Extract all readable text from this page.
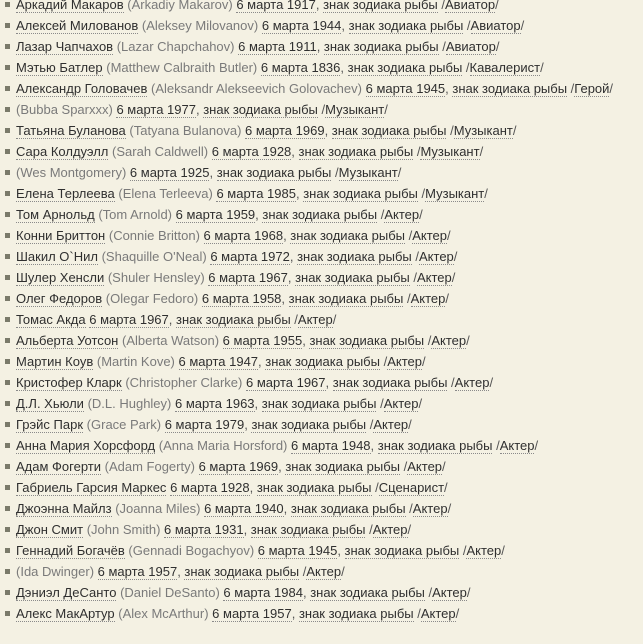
Аркадий Макаров (Arkadiy Makarov) 6 марта 1917, знак зодиака рыбы /Авиатор/
Алексей Милованов (Aleksey Milovanov) 6 марта 1944, знак зодиака рыбы /Авиатор/
Лазар Чапчахов (Lazar Chapchahov) 6 марта 1911, знак зодиака рыбы /Авиатор/
Мэтью Батлер (Matthew Calbraith Butler) 6 марта 1836, знак зодиака рыбы /Кавалерист/
Александр Головачев (Aleksandr Alekseevich Golovachev) 6 марта 1945, знак зодиака рыбы /Герой/
(Bubba Sparxxx) 6 марта 1977, знак зодиака рыбы /Музыкант/
Татьяна Буланова (Tatyana Bulanova) 6 марта 1969, знак зодиака рыбы /Музыкант/
Сара Колдуэлл (Sarah Caldwell) 6 марта 1928, знак зодиака рыбы /Музыкант/
(Wes Montgomery) 6 марта 1925, знак зодиака рыбы /Музыкант/
Елена Терлеева (Elena Terleeva) 6 марта 1985, знак зодиака рыбы /Музыкант/
Том Арнольд (Tom Arnold) 6 марта 1959, знак зодиака рыбы /Актер/
Конни Бриттон (Connie Britton) 6 марта 1968, знак зодиака рыбы /Актер/
Шакил О`Нил (Shaquille O'Neal) 6 марта 1972, знак зодиака рыбы /Актер/
Шулер Хенсли (Shuler Hensley) 6 марта 1967, знак зодиака рыбы /Актер/
Олег Федоров (Olegar Fedoro) 6 марта 1958, знак зодиака рыбы /Актер/
Томас Акда 6 марта 1967, знак зодиака рыбы /Актер/
Альберта Уотсон (Alberta Watson) 6 марта 1955, знак зодиака рыбы /Актер/
Мартин Коув (Martin Kove) 6 марта 1947, знак зодиака рыбы /Актер/
Кристофер Кларк (Christopher Clarke) 6 марта 1967, знак зодиака рыбы /Актер/
Д.Л. Хьюли (D.L. Hughley) 6 марта 1963, знак зодиака рыбы /Актер/
Грэйс Парк (Grace Park) 6 марта 1979, знак зодиака рыбы /Актер/
Анна Мария Хорсфорд (Anna Maria Horsford) 6 марта 1948, знак зодиака рыбы /Актер/
Адам Фогерти (Adam Fogerty) 6 марта 1969, знак зодиака рыбы /Актер/
Габриель Гарсия Маркес 6 марта 1928, знак зодиака рыбы /Сценарист/
Джоэнна Майлз (Joanna Miles) 6 марта 1940, знак зодиака рыбы /Актер/
Джон Смит (John Smith) 6 марта 1931, знак зодиака рыбы /Актер/
Геннадий Богачёв (Gennadi Bogachyov) 6 марта 1945, знак зодиака рыбы /Актер/
(Ida Dwinger) 6 марта 1957, знак зодиака рыбы /Актер/
Дэниэл ДеСанто (Daniel DeSanto) 6 марта 1984, знак зодиака рыбы /Актер/
Алекс МакАртур (Alex McArthur) 6 марта 1957, знак зодиака рыбы /Актер/
